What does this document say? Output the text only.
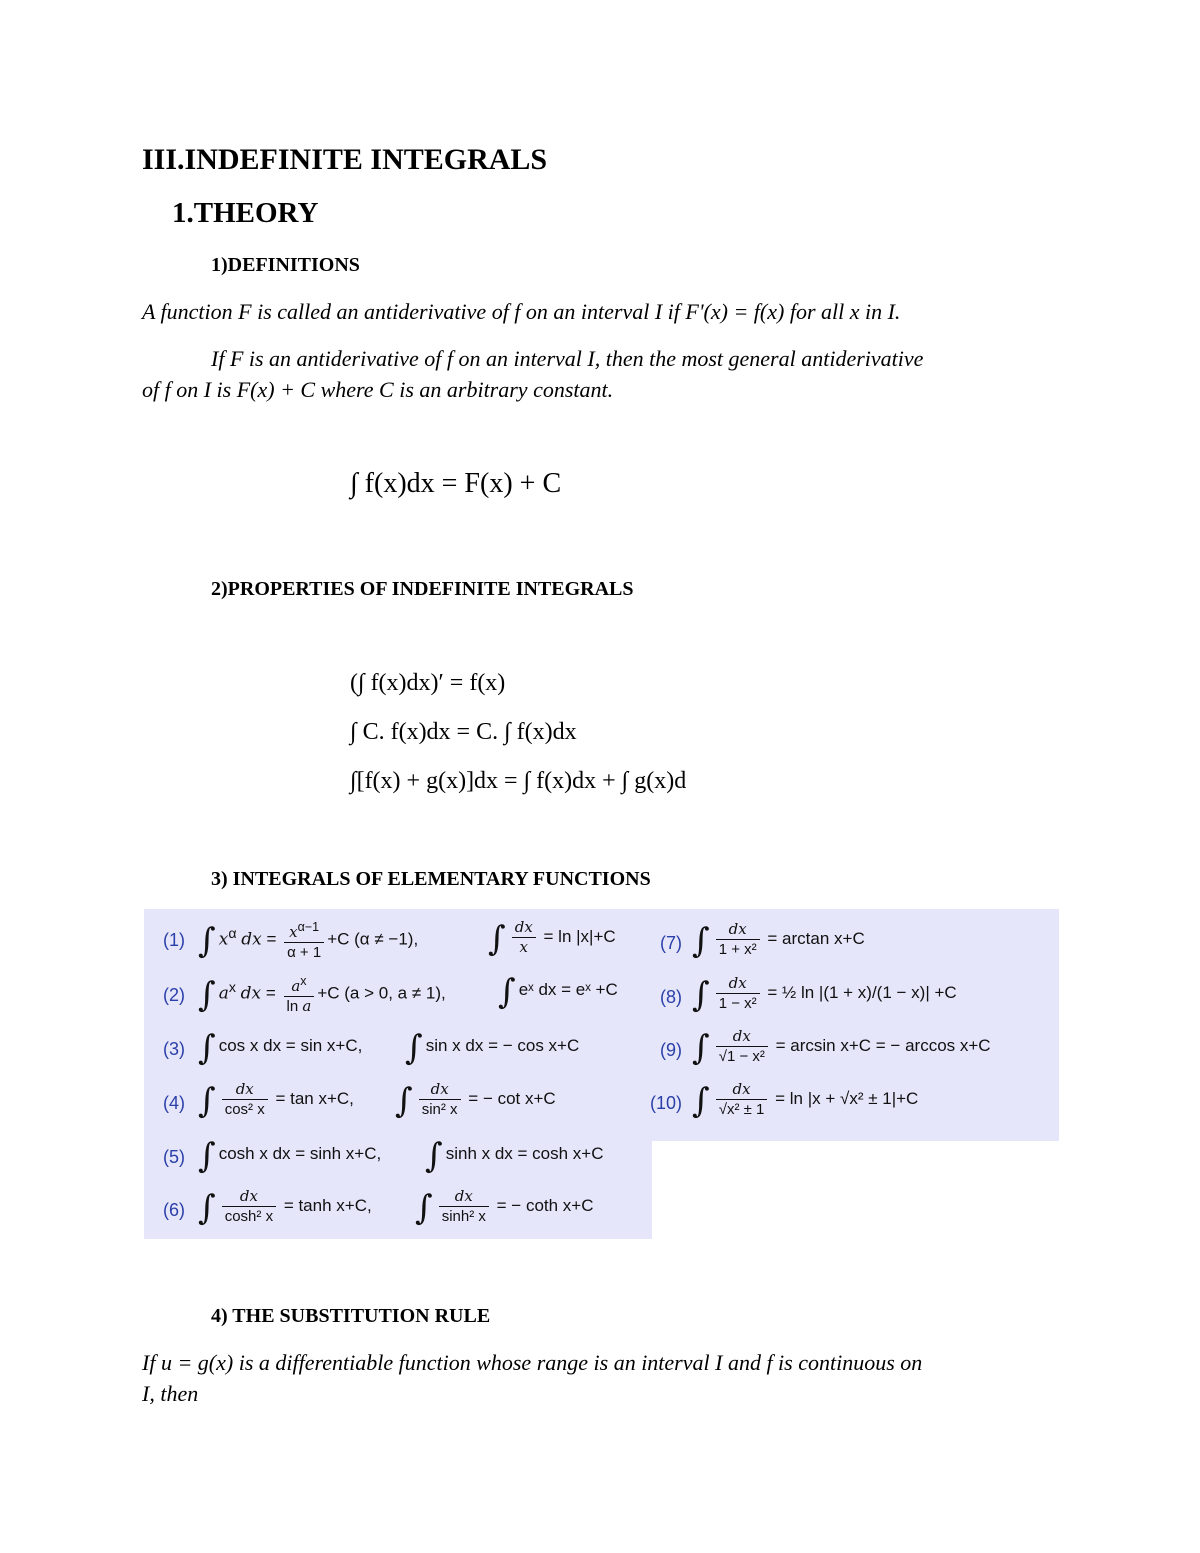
III.INDEFINITE INTEGRALS
1.THEORY
1)DEFINITIONS
A function F is called an antiderivative of f on an interval I if F'(x) = f(x) for all x in I.
If F is an antiderivative of f on an interval I, then the most general antiderivative
of f on I is F(x) + C where C is an arbitrary constant.
∫ f(x)dx = F(x) + C
2)PROPERTIES OF INDEFINITE INTEGRALS
(∫ f(x)dx)′ = f(x)
∫ C. f(x)dx = C. ∫ f(x)dx
∫[f(x) + g(x)]dx = ∫ f(x)dx + ∫ g(x)d
3) INTEGRALS OF ELEMENTARY FUNCTIONS
(1) ∫ $x^\alpha$ dx = $\frac{x^{\alpha-1}}{\alpha + 1} +C$ (α ≠ −1), ∫ $\frac{dx}{x} = \ln |x|+C$
(2) ∫ $a^x$ dx = $\frac{a^x}{\text{ln a}} +C$ (a > 0, a ≠ 1), ∫ eˣ dx = eˣ +C
(3) ∫ cos x dx = sin x+C, ∫ sin x dx = − cos x+C
(4) ∫ $\frac{dx}{\text{cos² x}} = \tan x+C$, ∫ $\frac{dx}{\text{sin² x}}$ = − cot x+C
(5) ∫ cosh x dx = sinh x+C, ∫ sinh x dx = cosh x+C
(6) ∫ $\frac{dx}{\text{cosh² x}} = \tanh x+C$, ∫ $\frac{dx}{\text{sinh² x}}$ = − coth x+C
(7) ∫ $\frac{dx}{\text{1 + x²}} = \arctan x+C$
(8) ∫ $\frac{dx}{\text{1 − x²}}$ = ½ ln |(1 + x)/(1 − x)| +C
(9) ∫ $\frac{dx}{\text{√1 − x²}} = \arcsin x+C$ = − arccos x+C
(10) ∫ $\frac{dx}{\text{√x² ± 1}} = \ln |x + √x^2 \pm 1|+C$
4) THE SUBSTITUTION RULE
If u = g(x) is a differentiable function whose range is an interval I and f is continuous on
I, then
